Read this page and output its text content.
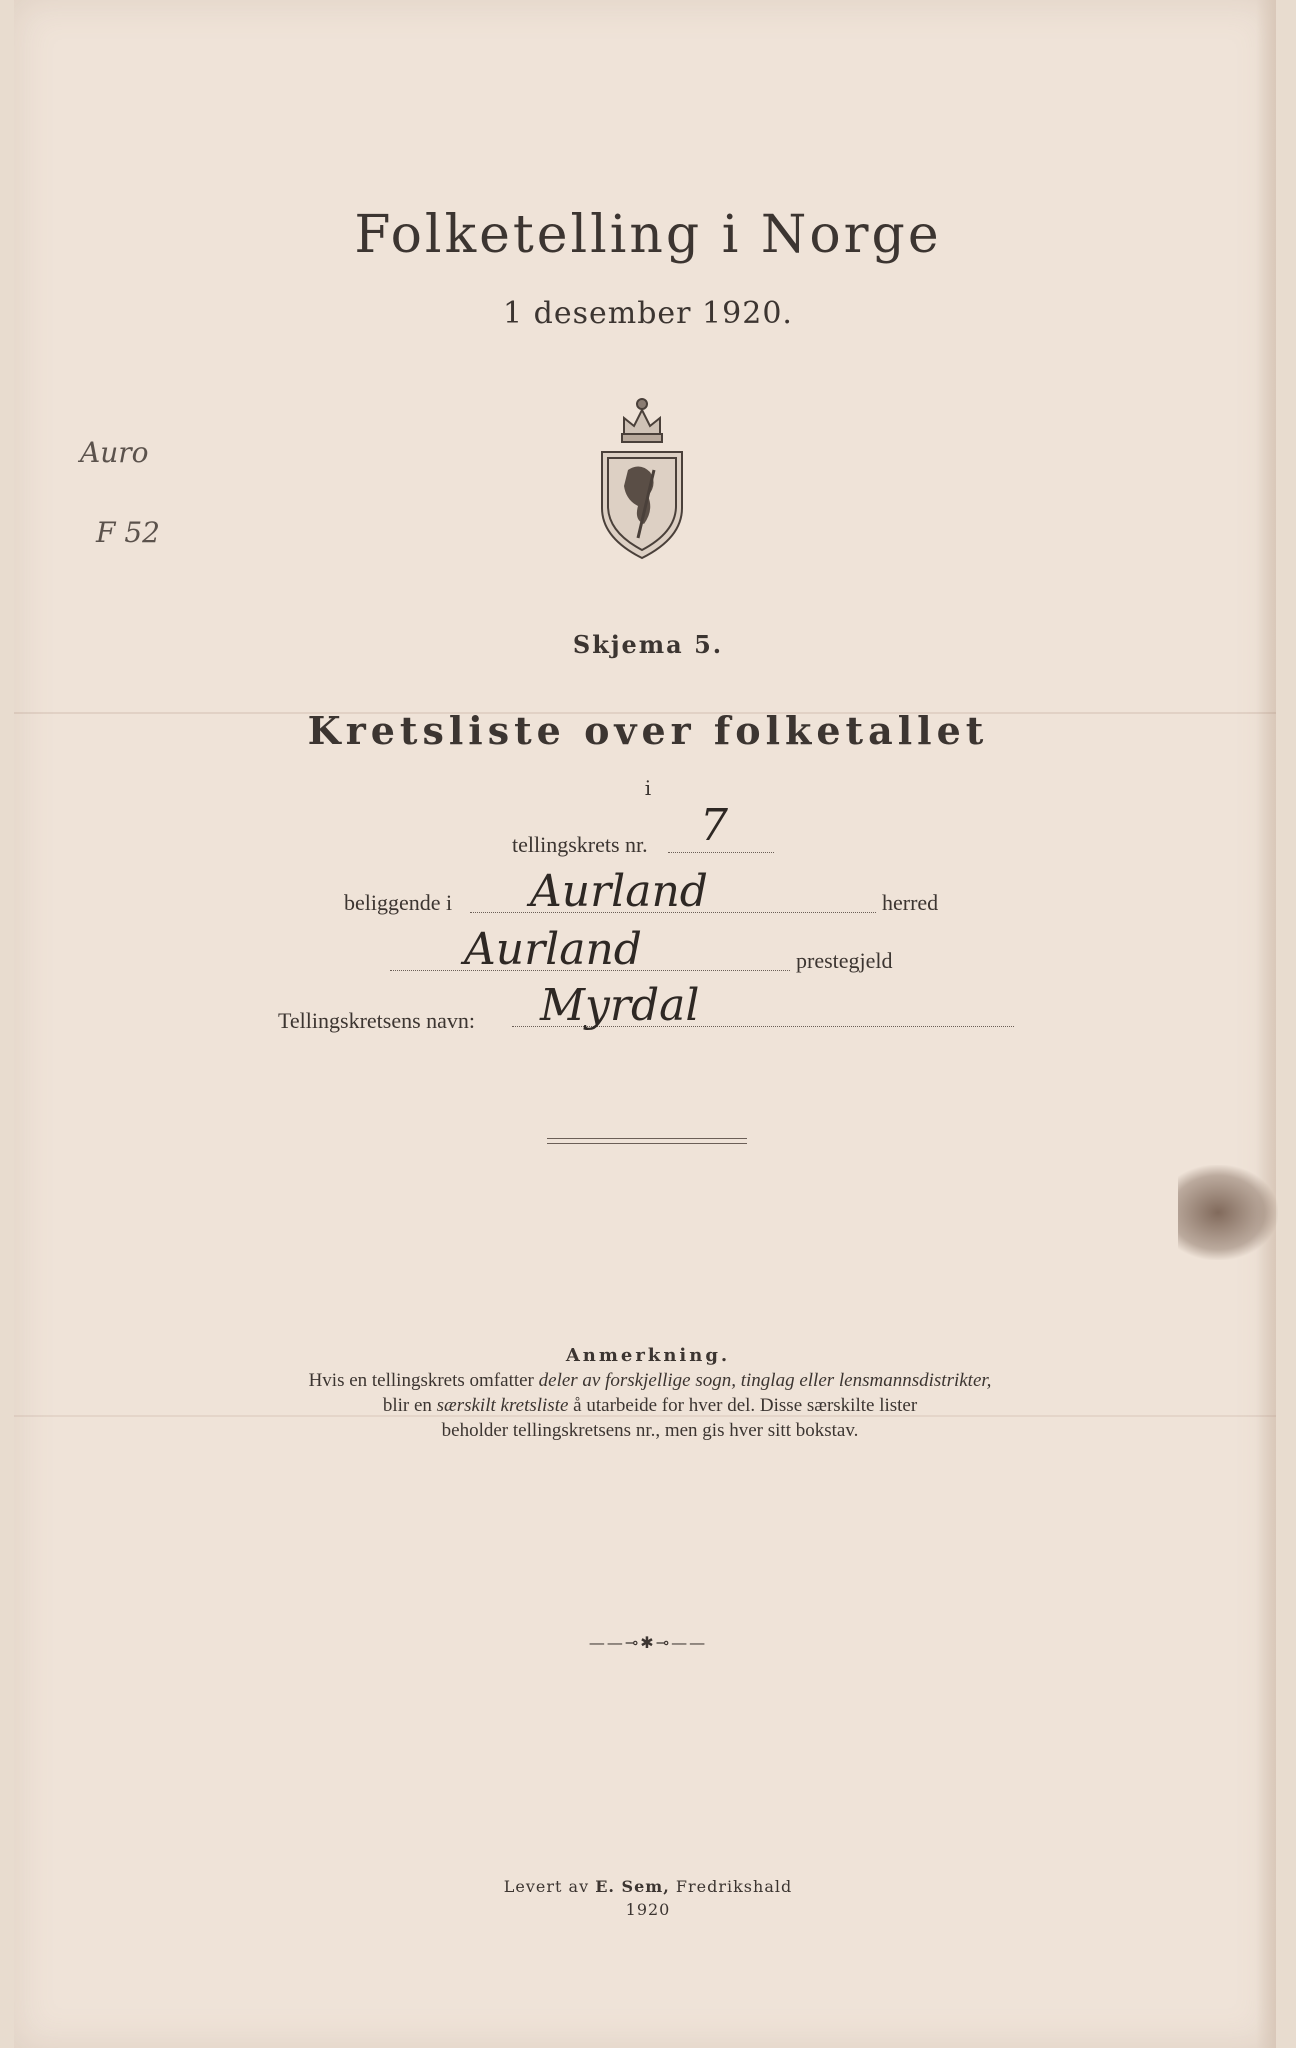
Folketelling i Norge
1 desember 1920.
Skjema 5.
Kretsliste over folketallet
i
tellingskrets nr. 7
beliggende i Aurland	herred
Aurland	prestegjeld
Tellingskretsens navn: Myrdal
Anmerkning.
Hvis en tellingskrets omfatter deler av forskjellige sogn, tinglag eller lensmannsdistrikter,
blir en særskilt kretsliste å utarbeide for hver del. Disse særskilte lister
beholder tellingskretsens nr., men gis hver sitt bokstav.
——⊸✱⊸——
Levert av E. Sem, Fredrikshald
1920
Auro
F 52
